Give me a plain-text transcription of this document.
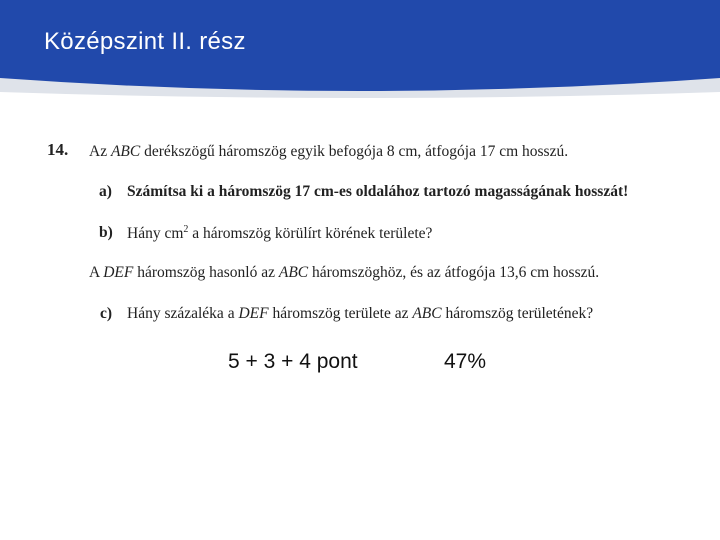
Középszint II. rész
14. Az ABC derékszögű háromszög egyik befogója 8 cm, átfogója 17 cm hosszú.
a) Számítsa ki a háromszög 17 cm-es oldalához tartozó magasságának hosszát!
b) Hány $cm^2$ a háromszög körülírt körének területe?
A DEF háromszög hasonló az ABC háromszöghöz, és az átfogója 13,6 cm hosszú.
c) Hány százaléka a DEF háromszög területe az ABC háromszög területének?
5 + 3 + 4 pont	47%
